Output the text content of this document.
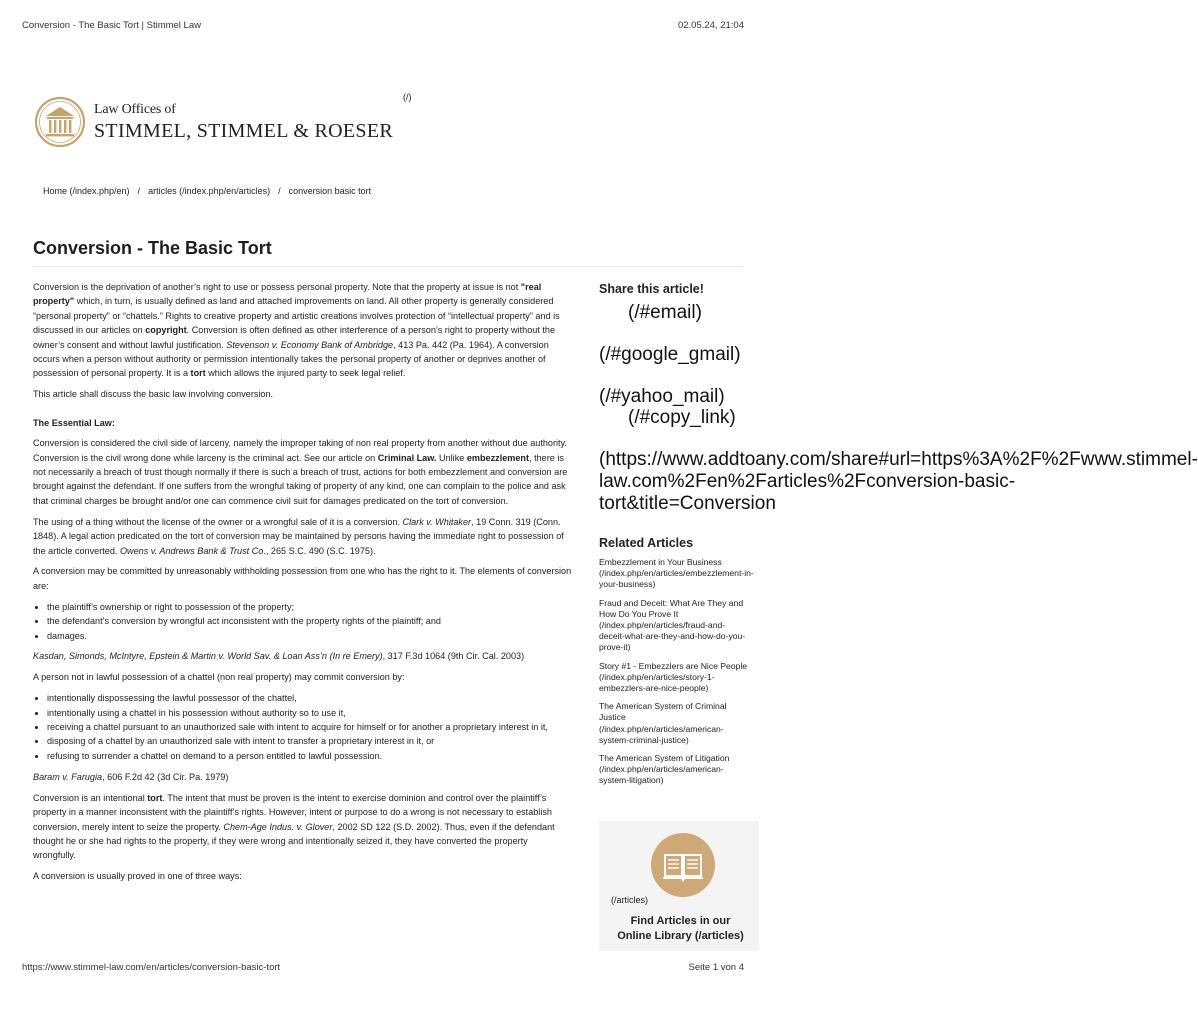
Conversion - The Basic Tort | Stimmel Law	02.05.24, 21:04
Law Offices of
STIMMEL, STIMMEL & ROESER
(/)
Home (/index.php/en) / articles (/index.php/en/articles) / conversion basic tort
Conversion - The Basic Tort

Conversion is the deprivation of another’s right to use or possess personal property. Note that the property at issue is not "real property" which, in turn, is usually defined as land and attached improvements on land. All other property is generally considered “personal property” or “chattels.” Rights to creative property and artistic creations involves protection of “intellectual property” and is discussed in our articles on copyright. Conversion is often defined as other interference of a person’s right to property without the owner’s consent and without lawful justification. Stevenson v. Economy Bank of Ambridge, 413 Pa. 442 (Pa. 1964). A conversion occurs when a person without authority or permission intentionally takes the personal property of another or deprives another of possession of personal property. It is a tort which allows the injured party to seek legal relief.

This article shall discuss the basic law involving conversion.

The Essential Law:

Conversion is considered the civil side of larceny, namely the improper taking of non real property from another without due authority. Conversion is the civil wrong done while larceny is the criminal act. See our article on Criminal Law. Unlike embezzlement, there is not necessarily a breach of trust though normally if there is such a breach of trust, actions for both embezzlement and conversion are brought against the defendant. If one suffers from the wrongful taking of property of any kind, one can complain to the police and ask that criminal charges be brought and/or one can commence civil suit for damages predicated on the tort of conversion.

The using of a thing without the license of the owner or a wrongful sale of it is a conversion. Clark v. Whitaker, 19 Conn. 319 (Conn. 1848). A legal action predicated on the tort of conversion may be maintained by persons having the immediate right to possession of the article converted. Owens v. Andrews Bank & Trust Co., 265 S.C. 490 (S.C. 1975).

A conversion may be committed by unreasonably withholding possession from one who has the right to it. The elements of conversion are:

• the plaintiff’s ownership or right to possession of the property;
• the defendant’s conversion by wrongful act inconsistent with the property rights of the plaintiff; and
• damages.

Kasdan, Simonds, McIntyre, Epstein & Martin v. World Sav. & Loan Ass’n (In re Emery), 317 F.3d 1064 (9th Cir. Cal. 2003)

A person not in lawful possession of a chattel (non real property) may commit conversion by:

• intentionally dispossessing the lawful possessor of the chattel,
• intentionally using a chattel in his possession without authority so to use it,
• receiving a chattel pursuant to an unauthorized sale with intent to acquire for himself or for another a proprietary interest in it,
• disposing of a chattel by an unauthorized sale with intent to transfer a proprietary interest in it, or
• refusing to surrender a chattel on demand to a person entitled to lawful possession.

Baram v. Farugia, 606 F.2d 42 (3d Cir. Pa. 1979)

Conversion is an intentional tort. The intent that must be proven is the intent to exercise dominion and control over the plaintiff’s property in a manner inconsistent with the plaintiff’s rights. However, intent or purpose to do a wrong is not necessary to establish conversion, merely intent to seize the property. Chem-Age Indus. v. Glover, 2002 SD 122 (S.D. 2002). Thus, even if the defendant thought he or she had rights to the property, if they were wrong and intentionally seized it, they have converted the property wrongfully.

A conversion is usually proved in one of three ways:

Share this article!
(/#email)
(/#google_gmail)
(/#yahoo_mail)
(/#copy_link)
(https://www.addtoany.com/share#url=https%3A%2F%2Fwww.stimmel-
law.com%2Fen%2Farticles%2Fconversion-basic-
tort&title=Conversion
Related Articles
Embezzlement in Your Business
(/index.php/en/articles/embezzlement-in-
your-business)
Fraud and Deceit: What Are They and
How Do You Prove It
(/index.php/en/articles/fraud-and-
deceit-what-are-they-and-how-do-you-
prove-it)
Story #1 - Embezzlers are Nice People
(/index.php/en/articles/story-1-
embezzlers-are-nice-people)
The American System of Criminal
Justice
(/index.php/en/articles/american-
system-criminal-justice)
The American System of Litigation
(/index.php/en/articles/american-
system-litigation)
(/articles)
Find Articles in our
Online Library (/articles)
https://www.stimmel-law.com/en/articles/conversion-basic-tort	Seite 1 von 4
